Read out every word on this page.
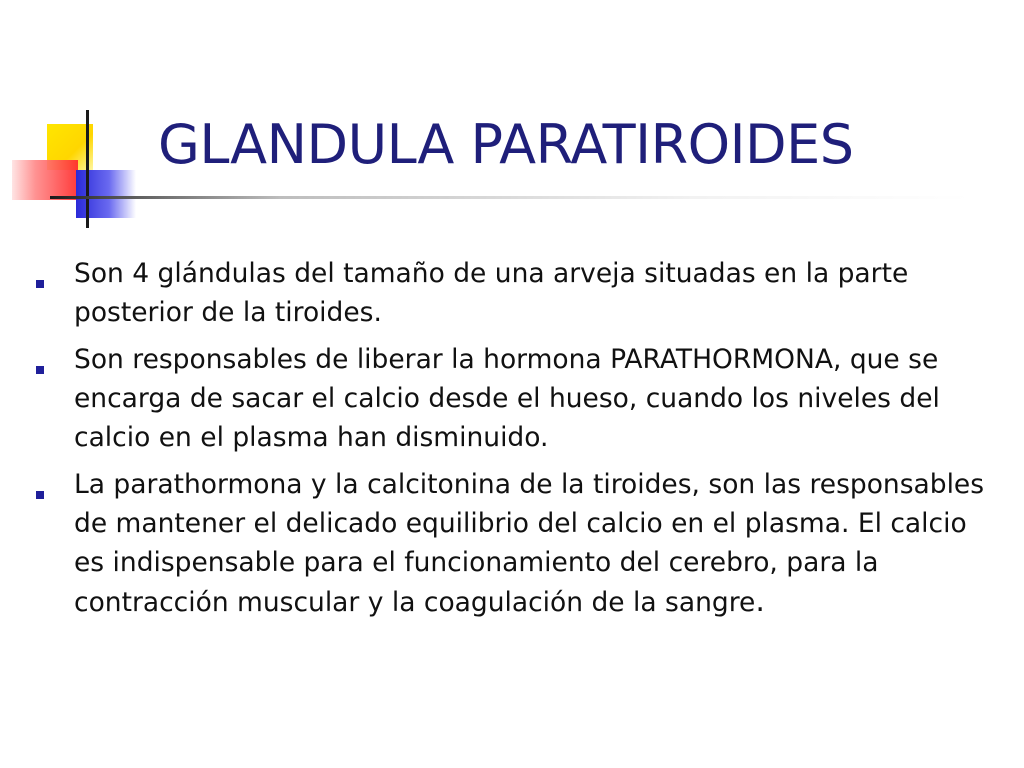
GLANDULA PARATIROIDES
Son 4 glándulas del tamaño de una arveja situadas en la parte posterior de la tiroides.
Son responsables de liberar la hormona PARATHORMONA, que se encarga de sacar el calcio desde el hueso, cuando los niveles del calcio en el plasma han disminuido.
La parathormona y la calcitonina de la tiroides, son las responsables de mantener el delicado equilibrio del calcio en el plasma. El calcio es indispensable para el funcionamiento del cerebro, para la contracción muscular y la coagulación de la sangre.
